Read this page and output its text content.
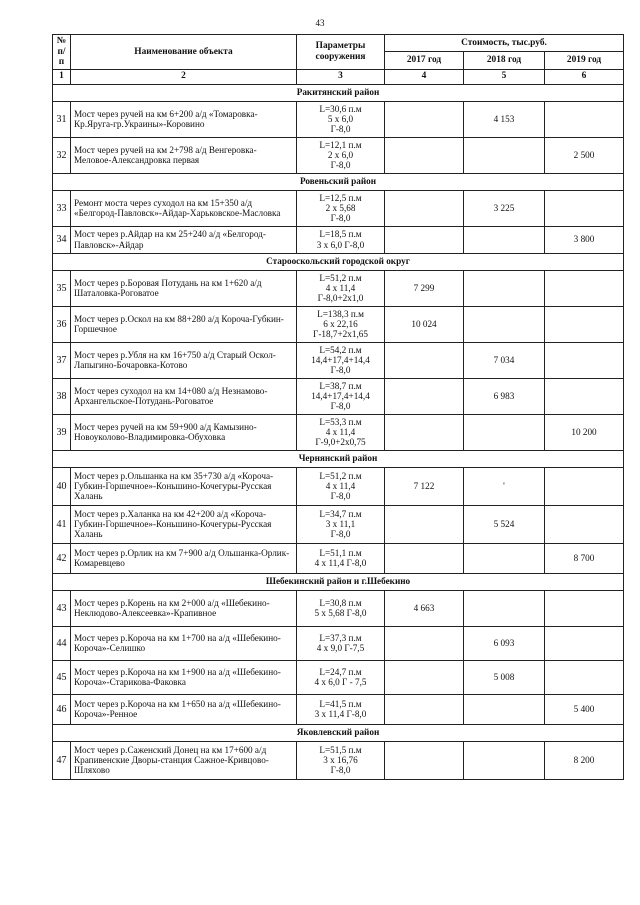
43
№
п/п	Наименование объекта	Параметры
сооружения	Стоимость, тыс.руб.		
			2017 год	2018 год	2019 год
1	2	3	4	5	6
Ракитянский район					
31	Мост через ручей на км 6+200 а/д «Томаровка-Кр.Яруга-гр.Украины»-Коровино	L=30,6 п.м
5 х 6,0
Г-8,0		4 153	
32	Мост через ручей на км 2+798 а/д Венгеровка-Меловое-Александровка первая	L=12,1 п.м
2 х 6,0
Г-8,0			2 500
Ровеньский район					
33	Ремонт моста через суходол на км 15+350 а/д «Белгород-Павловск»-Айдар-Харьковское-Масловка	L=12,5 п.м
2 х 5,68
Г-8,0		3 225	
34	Мост через р.Айдар на км 25+240 а/д «Белгород-Павловск»-Айдар	L=18,5 п.м
3 х 6,0 Г-8,0			3 800
Старооскольский городской округ					
35	Мост через р.Боровая Потудань на км 1+620 а/д Шаталовка-Роговатое	L=51,2 п.м
4 х 11,4
Г-8,0+2х1,0	7 299		
36	Мост через р.Оскол на км 88+280 а/д Короча-Губкин-Горшечное	L=138,3 п.м
6 х 22,16
Г-18,7+2х1,65	10 024		
37	Мост через р.Убля на км 16+750 а/д Старый Оскол-Лапыгино-Бочаровка-Котово	L=54,2 п.м
14,4+17,4+14,4
Г-8,0		7 034	
38	Мост через суходол на км 14+080 а/д Незнамово-Архангельское-Потудань-Роговатое	L=38,7 п.м
14,4+17,4+14,4
Г-8,0		6 983	
39	Мост через ручей на км 59+900 а/д Камызино-Новоуколово-Владимировка-Обуховка	L=53,3 п.м
4 х 11,4
Г-9,0+2х0,75			10 200
Чернянский район					
40	Мост через р.Ольшанка на км 35+730 а/д «Короча-Губкин-Горшечное»-Коньшино-Кочегуры-Русская Халань	L=51,2 п.м
4 х 11,4
Г-8,0	7 122	'	
41	Мост через р.Халанка на км 42+200 а/д «Короча-Губкин-Горшечное»-Коньшино-Кочегуры-Русская Халань	L=34,7 п.м
3 х 11,1
Г-8,0		5 524	
42	Мост через р.Орлик на км 7+900 а/д Ольшанка-Орлик-Комаревцево	L=51,1 п.м
4 х 11,4 Г-8,0			8 700
Шебекинский район и г.Шебекино					
43	Мост через р.Корень на км 2+000 а/д «Шебекино-Неклюдово-Алексеевка»-Крапивное	L=30,8 п.м
5 х 5,68 Г-8,0	4 663		
44	Мост через р.Короча на км 1+700 на а/д «Шебекино-Короча»-Селишко	L=37,3 п.м
4 х 9,0 Г-7,5		6 093	
45	Мост через р.Короча на км 1+900 на а/д «Шебекино-Короча»-Старикова-Факовка	L=24,7 п.м
4 х 6,0 Г - 7,5		5 008	
46	Мост через р.Короча на км 1+650 на а/д «Шебекино-Короча»-Ренное	L=41,5 п.м
3 х 11,4 Г-8,0			5 400
Яковлевский район					
47	Мост через р.Саженский Донец на км 17+600 а/д Крапивенские Дворы-станция Сажное-Кривцово-Шляхово	L=51,5 п.м
3 х 16,76
Г-8,0			8 200
